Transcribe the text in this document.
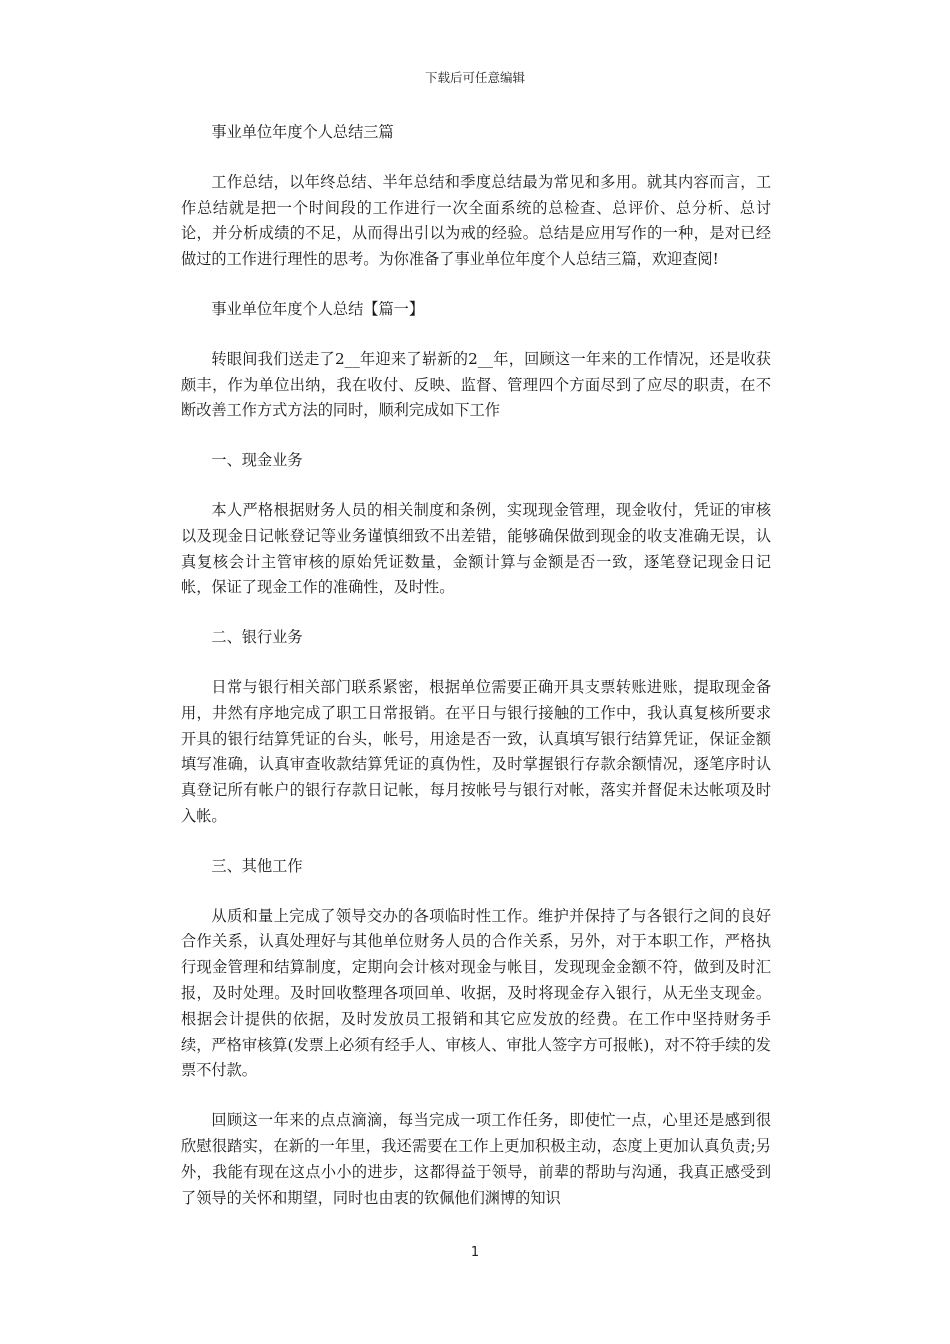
下载后可任意编辑

事业单位年度个人总结三篇

工作总结，以年终总结、半年总结和季度总结最为常见和多用。就其内容而言，工作总结就是把一个时间段的工作进行一次全面系统的总检查、总评价、总分析、总讨论，并分析成绩的不足，从而得出引以为戒的经验。总结是应用写作的一种，是对已经做过的工作进行理性的思考。为你准备了事业单位年度个人总结三篇，欢迎查阅!

事业单位年度个人总结【篇一】

转眼间我们送走了2__年迎来了崭新的2__年，回顾这一年来的工作情况，还是收获颇丰，作为单位出纳，我在收付、反映、监督、管理四个方面尽到了应尽的职责，在不断改善工作方式方法的同时，顺利完成如下工作

一、现金业务

本人严格根据财务人员的相关制度和条例，实现现金管理，现金收付，凭证的审核以及现金日记帐登记等业务谨慎细致不出差错，能够确保做到现金的收支准确无误，认真复核会计主管审核的原始凭证数量，金额计算与金额是否一致，逐笔登记现金日记帐，保证了现金工作的准确性，及时性。

二、银行业务

日常与银行相关部门联系紧密，根据单位需要正确开具支票转账进账，提取现金备用，井然有序地完成了职工日常报销。在平日与银行接触的工作中，我认真复核所要求开具的银行结算凭证的台头，帐号，用途是否一致，认真填写银行结算凭证，保证金额填写准确，认真审查收款结算凭证的真伪性，及时掌握银行存款余额情况，逐笔序时认真登记所有帐户的银行存款日记帐，每月按帐号与银行对帐，落实并督促未达帐项及时入帐。

三、其他工作

从质和量上完成了领导交办的各项临时性工作。维护并保持了与各银行之间的良好合作关系，认真处理好与其他单位财务人员的合作关系，另外，对于本职工作，严格执行现金管理和结算制度，定期向会计核对现金与帐目，发现现金金额不符，做到及时汇报，及时处理。及时回收整理各项回单、收据，及时将现金存入银行，从无坐支现金。根据会计提供的依据，及时发放员工报销和其它应发放的经费。在工作中坚持财务手续，严格审核算(发票上必须有经手人、审核人、审批人签字方可报帐)，对不符手续的发票不付款。

回顾这一年来的点点滴滴，每当完成一项工作任务，即使忙一点，心里还是感到很欣慰很踏实，在新的一年里，我还需要在工作上更加积极主动，态度上更加认真负责;另外，我能有现在这点小小的进步，这都得益于领导，前辈的帮助与沟通，我真正感受到了领导的关怀和期望，同时也由衷的钦佩他们渊博的知识

1
